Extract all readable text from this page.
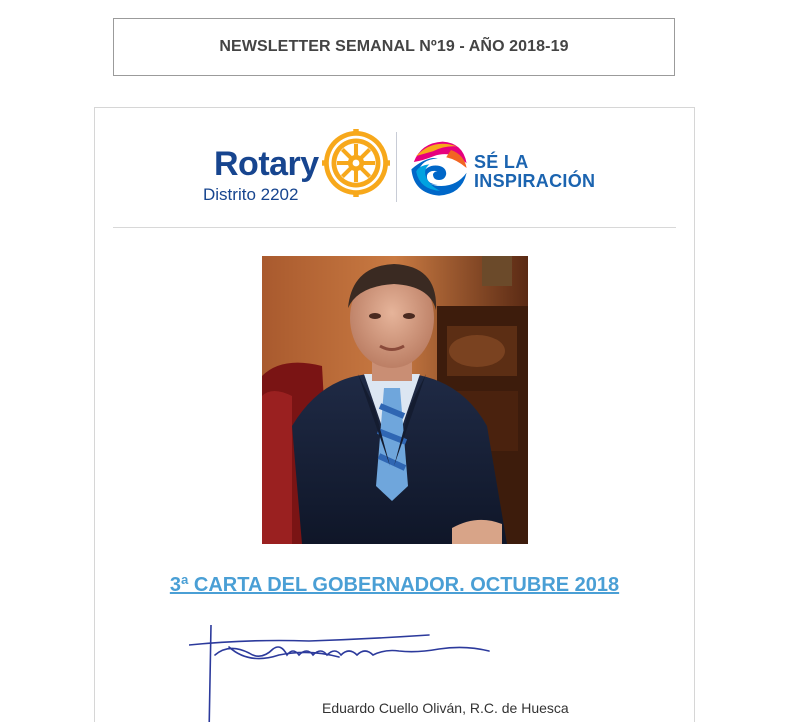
NEWSLETTER SEMANAL Nº19 - AÑO 2018-19
Rotary
Distrito 2202
SÉ LA
INSPIRACIÓN
3ª CARTA DEL GOBERNADOR. OCTUBRE 2018
Eduardo Cuello Oliván, R.C. de Huesca
